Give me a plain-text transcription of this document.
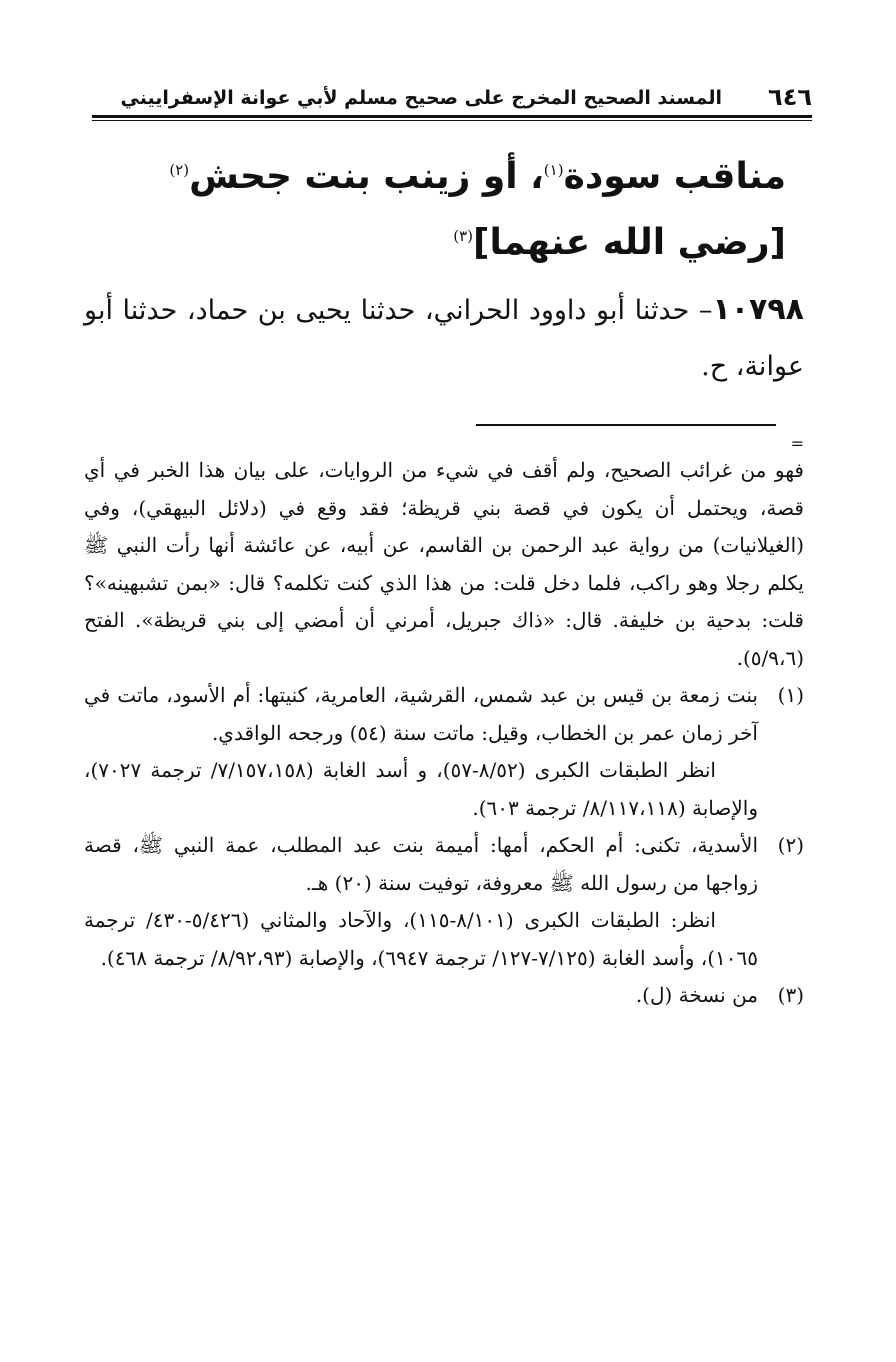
٦٤٦
المسند الصحيح المخرج على صحيح مسلم لأبي عوانة الإسفراييني
مناقب سودة$^{(١)}$، أو زينب بنت جحش$^{(٢)}$ [رضي الله عنهما]$^{(٣)}$
١٠٧٩٨– حدثنا أبو داوود الحراني، حدثنا يحيى بن حماد، حدثنا أبو عوانة، ح.
=

فهو من غرائب الصحيح، ولم أقف في شيء من الروايات، على بيان هذا الخبر في أي قصة، ويحتمل أن يكون في قصة بني قريظة؛ فقد وقع في (دلائل البيهقي)، وفي (الغيلانيات) من رواية عبد الرحمن بن القاسم، عن أبيه، عن عائشة أنها رأت النبي ﷺ يكلم رجلا وهو راكب، فلما دخل قلت: من هذا الذي كنت تكلمه؟ قال: «بمن تشبهينه»؟ قلت: بدحية بن خليفة. قال: «ذاك جبريل، أمرني أن أمضي إلى بني قريظة». الفتح (٥/٩،٦).

(١)

بنت زمعة بن قيس بن عبد شمس، القرشية، العامرية، كنيتها: أم الأسود، ماتت في آخر زمان عمر بن الخطاب، وقيل: ماتت سنة (٥٤) ورجحه الواقدي.

انظر الطبقات الكبرى (٨/٥٢-٥٧)، و أسد الغابة (٧/١٥٧،١٥٨/ ترجمة ٧٠٢٧)، والإصابة (٨/١١٧،١١٨/ ترجمة ٦٠٣).

(٢)

الأسدية، تكنى: أم الحكم، أمها: أميمة بنت عبد المطلب، عمة النبي ﷺ، قصة زواجها من رسول الله ﷺ معروفة، توفيت سنة (٢٠) هـ.

انظر: الطبقات الكبرى (٨/١٠١-١١٥)، والآحاد والمثاني (٥/٤٢٦-٤٣٠/ ترجمة ١٠٦٥)، وأسد الغابة (٧/١٢٥-١٢٧/ ترجمة ٦٩٤٧)، والإصابة (٨/٩٢،٩٣/ ترجمة ٤٦٨).

(٣)

من نسخة (ل).
